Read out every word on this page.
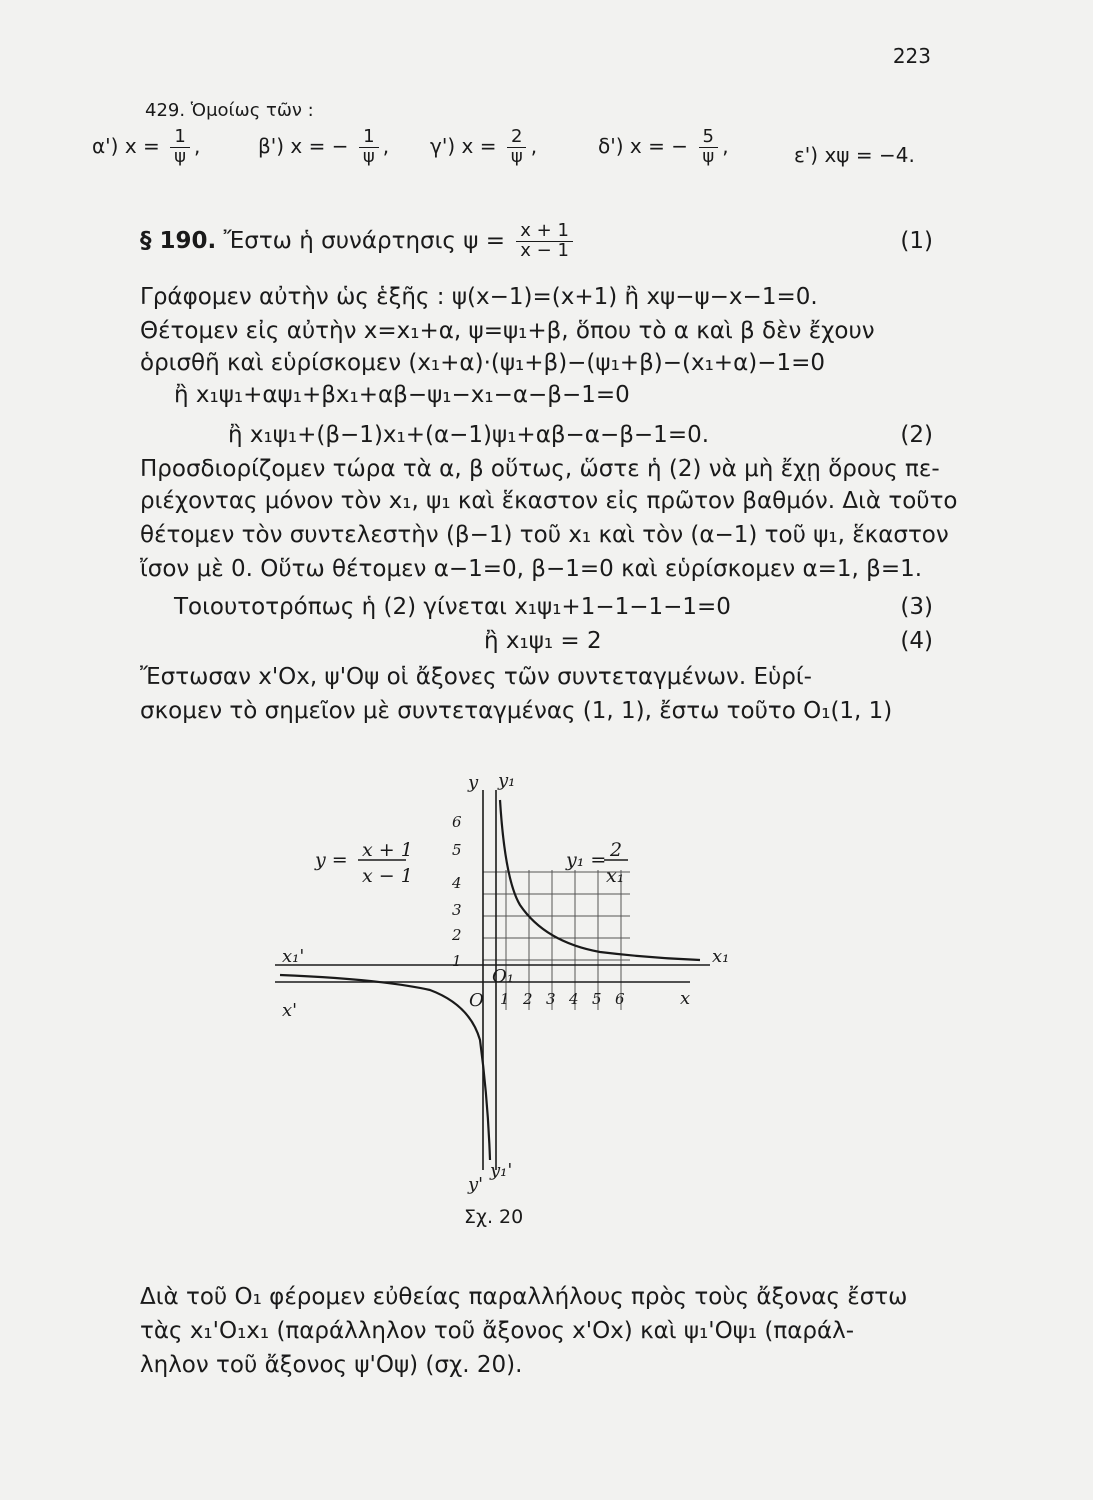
223
429. Ὁμοίως τῶν :
α') $x = \frac{1}{\psi}$ ,	β') x = − $\frac{1}{\psi}$ , γ') $x = \frac{2}{\psi}$ ,	δ') x = − $\frac{5}{\psi}$ ,	ε') xψ = −4.
§ 190. Ἔστω ἡ συνάρτησις $\psi = \frac{x + 1}{x - 1}$	(1)
Γράφομεν αὐτὴν ὡς ἑξῆς : ψ(x−1)=(x+1) ἢ xψ−ψ−x−1=0.
Θέτομεν εἰς αὐτὴν x=x₁+α, ψ=ψ₁+β, ὅπου τὸ α καὶ β δὲν ἔχουν
ὁρισθῆ καὶ εὑρίσκομεν (x₁+α)·(ψ₁+β)−(ψ₁+β)−(x₁+α)−1=0
ἢ x₁ψ₁+αψ₁+βx₁+αβ−ψ₁−x₁−α−β−1=0
ἢ x₁ψ₁+(β−1)x₁+(α−1)ψ₁+αβ−α−β−1=0.	(2)
Προσδιορίζομεν τώρα τὰ α, β οὕτως, ὥστε ἡ (2) νὰ μὴ ἔχῃ ὅρους πε-
ριέχοντας μόνον τὸν x₁, ψ₁ καὶ ἕκαστον εἰς πρῶτον βαθμόν. Διὰ τοῦτο
θέτομεν τὸν συντελεστὴν (β−1) τοῦ x₁ καὶ τὸν (α−1) τοῦ ψ₁, ἕκαστον
ἴσον μὲ 0. Οὕτω θέτομεν α−1=0, β−1=0 καὶ εὑρίσκομεν α=1, β=1.
Τοιουτοτρόπως ἡ (2) γίνεται x₁ψ₁+1−1−1−1=0	(3)
ἢ x₁ψ₁ = 2	(4)
Ἔστωσαν x'Ox, ψ'Oψ οἱ ἄξονες τῶν συντεταγμένων. Εὑρί-
σκομεν τὸ σημεῖον μὲ συντεταγμένας (1, 1), ἔστω τοῦτο O₁(1, 1)
y y₁
x₁'	x₁
x'
x
O
O₁
y'
y₁'
1 2 3 4 5 6
1
2
3
4
5
6
y = x + 1
x − 1
y₁ = 2
x₁
Σχ. 20
Διὰ τοῦ O₁ φέρομεν εὐθείας παραλλήλους πρὸς τοὺς ἄξονας ἔστω
τὰς x₁'O₁x₁ (παράλληλον τοῦ ἄξονος x'Ox) καὶ ψ₁'Oψ₁ (παράλ-
ληλον τοῦ ἄξονος ψ'Oψ) (σχ. 20).
